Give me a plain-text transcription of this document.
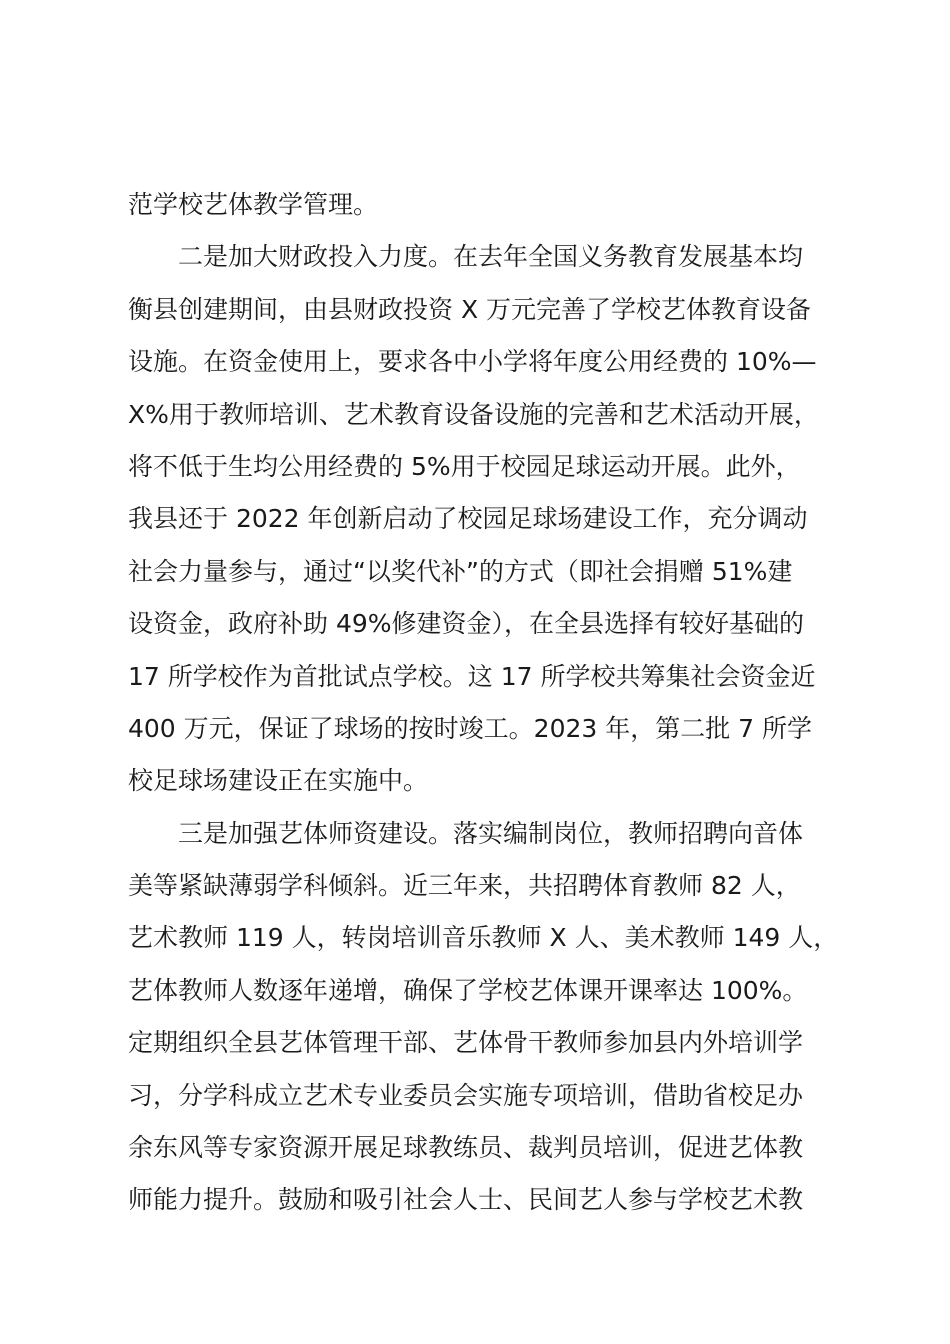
范学校艺体教学管理。
二是加大财政投入力度。在去年全国义务教育发展基本均
衡县创建期间，由县财政投资 X 万元完善了学校艺体教育设备
设施。在资金使用上，要求各中小学将年度公用经费的 10%—
X%用于教师培训、艺术教育设备设施的完善和艺术活动开展，
将不低于生均公用经费的 5%用于校园足球运动开展。此外，
我县还于 2022 年创新启动了校园足球场建设工作，充分调动
社会力量参与，通过“以奖代补”的方式（即社会捐赠 51%建
设资金，政府补助 49%修建资金），在全县选择有较好基础的
17 所学校作为首批试点学校。这 17 所学校共筹集社会资金近
400 万元，保证了球场的按时竣工。2023 年，第二批 7 所学
校足球场建设正在实施中。
三是加强艺体师资建设。落实编制岗位，教师招聘向音体
美等紧缺薄弱学科倾斜。近三年来，共招聘体育教师 82 人，
艺术教师 119 人，转岗培训音乐教师 X 人、美术教师 149 人，
艺体教师人数逐年递增，确保了学校艺体课开课率达 100%。
定期组织全县艺体管理干部、艺体骨干教师参加县内外培训学
习，分学科成立艺术专业委员会实施专项培训，借助省校足办
余东风等专家资源开展足球教练员、裁判员培训，促进艺体教
师能力提升。鼓励和吸引社会人士、民间艺人参与学校艺术教
